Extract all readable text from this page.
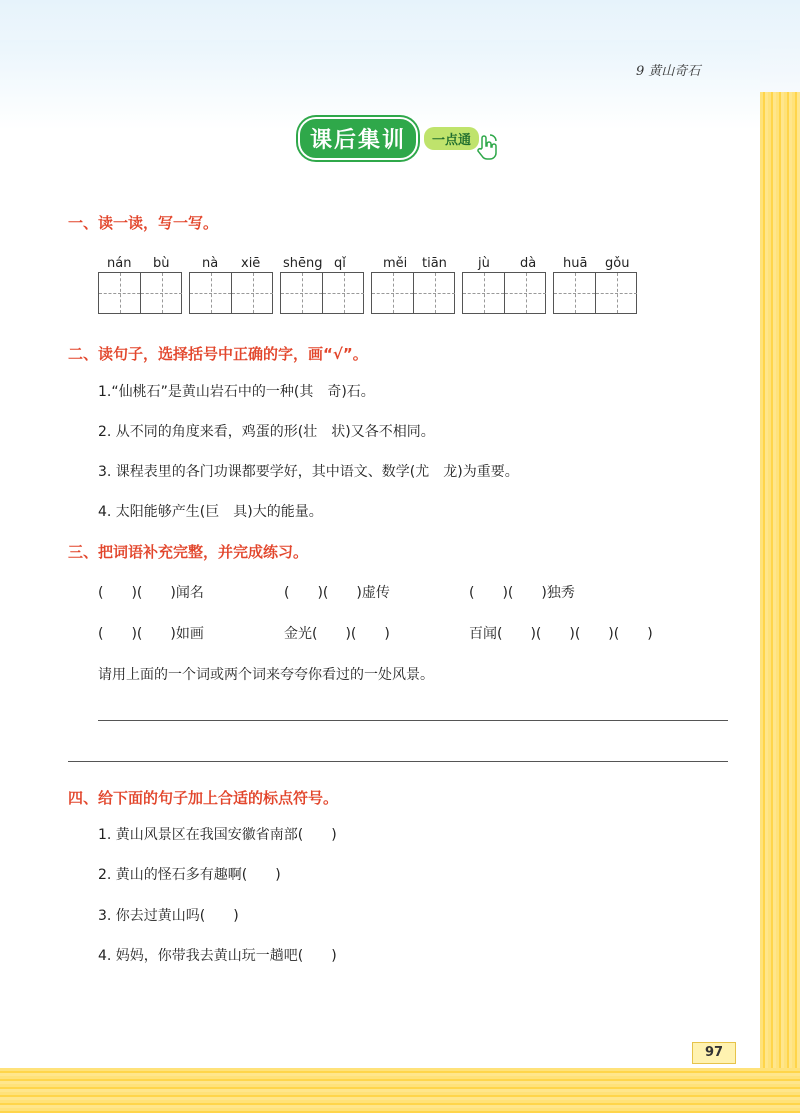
9 黄山奇石
课后集训	一点通
一、读一读，写一写。
nán bù	nà xiē shēng qǐ	měi tiān jù dà huā gǒu
二、读句子，选择括号中正确的字，画“√”。
1.“仙桃石”是黄山岩石中的一种(其　奇)石。
2. 从不同的角度来看，鸡蛋的形(壮　状)又各不相同。
3. 课程表里的各门功课都要学好，其中语文、数学(尤　龙)为重要。
4. 太阳能够产生(巨　具)大的能量。
三、把词语补充完整，并完成练习。
(　　)(　　)闻名	(　　)(　　)虚传	(　　)(　　)独秀
(　　)(　　)如画	金光(　　)(　　)	百闻(　　)(　　)(　　)(　　)
请用上面的一个词或两个词来夸夸你看过的一处风景。
四、给下面的句子加上合适的标点符号。
1. 黄山风景区在我国安徽省南部(　　)
2. 黄山的怪石多有趣啊(　　)
3. 你去过黄山吗(　　)
4. 妈妈，你带我去黄山玩一趟吧(　　)
97
